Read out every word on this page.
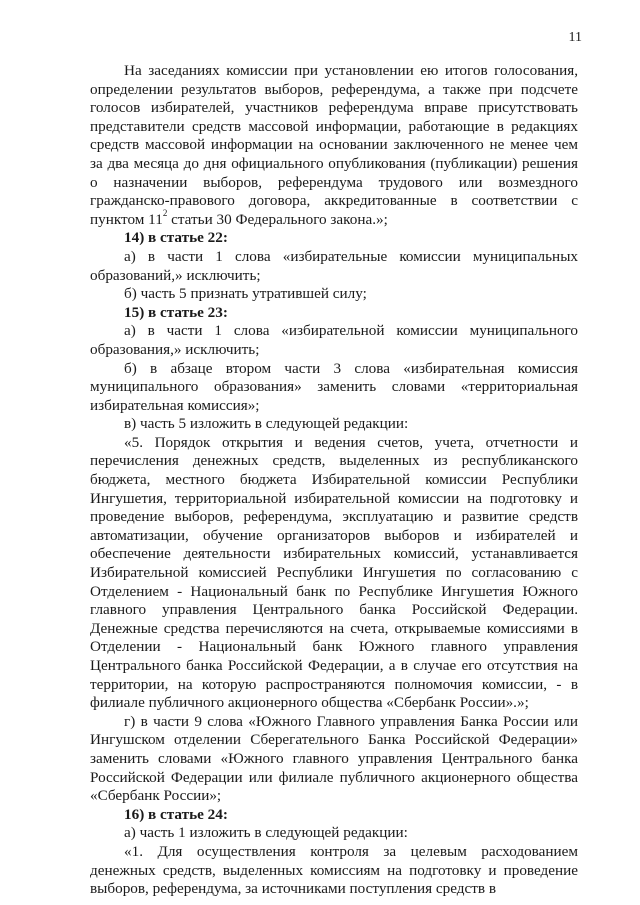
11

На заседаниях комиссии при установлении ею итогов голосования, определении результатов выборов, референдума, а также при подсчете голосов избирателей, участников референдума вправе присутствовать представители средств массовой информации, работающие в редакциях средств массовой информации на основании заключенного не менее чем за два месяца до дня официального опубликования (публикации) решения о назначении выборов, референдума трудового или возмездного гражданско-правового договора, аккредитованные в соответствии с пунктом $11^2$ статьи 30 Федерального закона.»;

14) в статье 22:

а) в части 1 слова «избирательные комиссии муниципальных образований,» исключить;

б) часть 5 признать утратившей силу;

15) в статье 23:

а) в части 1 слова «избирательной комиссии муниципального образования,» исключить;

б) в абзаце втором части 3 слова «избирательная комиссия муниципального образования» заменить словами «территориальная избирательная комиссия»;

в) часть 5 изложить в следующей редакции:

«5. Порядок открытия и ведения счетов, учета, отчетности и перечисления денежных средств, выделенных из республиканского бюджета, местного бюджета Избирательной комиссии Республики Ингушетия, территориальной избирательной комиссии на подготовку и проведение выборов, референдума, эксплуатацию и развитие средств автоматизации, обучение организаторов выборов и избирателей и обеспечение деятельности избирательных комиссий, устанавливается Избирательной комиссией Республики Ингушетия по согласованию с Отделением - Национальный банк по Республике Ингушетия Южного главного управления Центрального банка Российской Федерации. Денежные средства перечисляются на счета, открываемые комиссиями в Отделении - Национальный банк Южного главного управления Центрального банка Российской Федерации, а в случае его отсутствия на территории, на которую распространяются полномочия комиссии, - в филиале публичного акционерного общества «Сбербанк России».»;

г) в части 9 слова «Южного Главного управления Банка России или Ингушском отделении Сберегательного Банка Российской Федерации» заменить словами «Южного главного управления Центрального банка Российской Федерации или филиале публичного акционерного общества «Сбербанк России»;

16) в статье 24:

а) часть 1 изложить в следующей редакции:

«1. Для осуществления контроля за целевым расходованием денежных средств, выделенных комиссиям на подготовку и проведение выборов, референдума, за источниками поступления средств в
